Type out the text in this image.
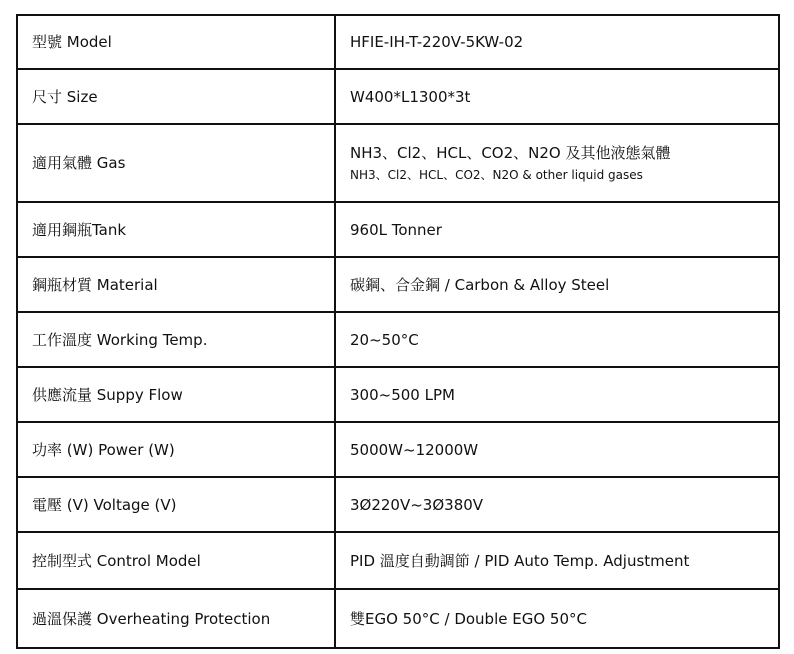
型號 Model	HFIE-IH-T-220V-5KW-02
尺寸 Size	W400*L1300*3t
適用氣體 Gas	NH3、Cl2、HCL、CO2、N2O 及其他液態氣體
NH3、Cl2、HCL、CO2、N2O & other liquid gases

適用鋼瓶Tank	960L Tonner
鋼瓶材質 Material	碳鋼、合金鋼 / Carbon & Alloy Steel
工作溫度 Working Temp.	20~50°C
供應流量 Suppy Flow	300~500 LPM
功率 (W) Power (W)	5000W~12000W
電壓 (V) Voltage (V)	3Ø220V~3Ø380V
控制型式 Control Model	PID 溫度自動調節 / PID Auto Temp. Adjustment
過溫保護 Overheating Protection	雙EGO 50°C / Double EGO 50°C
